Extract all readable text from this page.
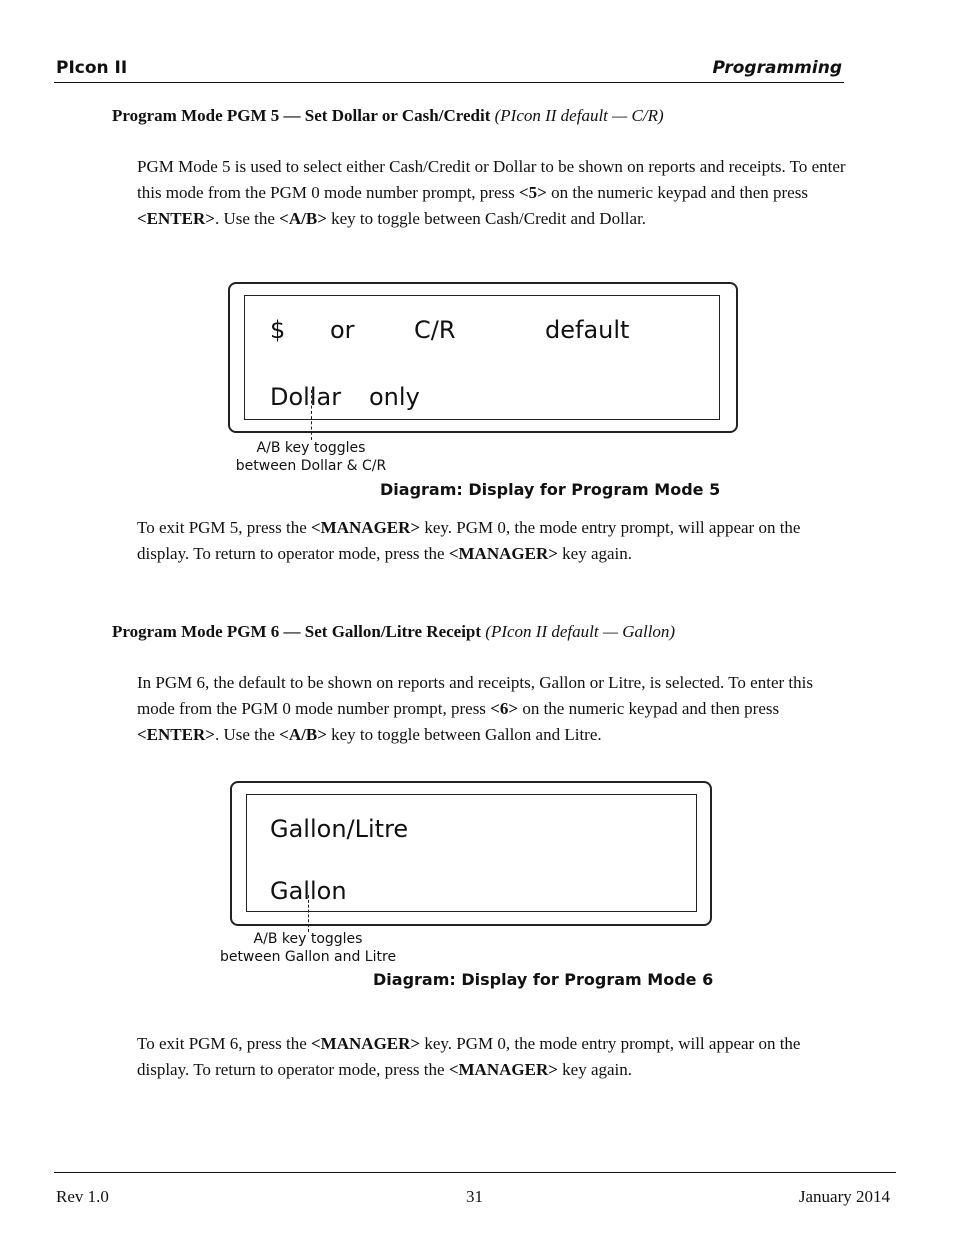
PIcon II	Programming
Program Mode PGM 5 — Set Dollar or Cash/Credit (PIcon II default — C/R)
PGM Mode 5 is used to select either Cash/Credit or Dollar to be shown on reports and receipts. To enter this mode from the PGM 0 mode number prompt, press <5> on the numeric keypad and then press <ENTER>. Use the <A/B> key to toggle between Cash/Credit and Dollar.
$ or C/R	default
Dollar only
A/B key toggles
between Dollar & C/R
Diagram: Display for Program Mode 5
To exit PGM 5, press the <MANAGER> key. PGM 0, the mode entry prompt, will appear on the display. To return to operator mode, press the <MANAGER> key again.
Program Mode PGM 6 — Set Gallon/Litre Receipt (PIcon II default — Gallon)
In PGM 6, the default to be shown on reports and receipts, Gallon or Litre, is selected. To enter this mode from the PGM 0 mode number prompt, press <6> on the numeric keypad and then press <ENTER>. Use the <A/B> key to toggle between Gallon and Litre.
Gallon/Litre
Gallon
A/B key toggles
between Gallon and Litre
Diagram: Display for Program Mode 6
To exit PGM 6, press the <MANAGER> key. PGM 0, the mode entry prompt, will appear on the display. To return to operator mode, press the <MANAGER> key again.
Rev 1.0	31	January 2014
